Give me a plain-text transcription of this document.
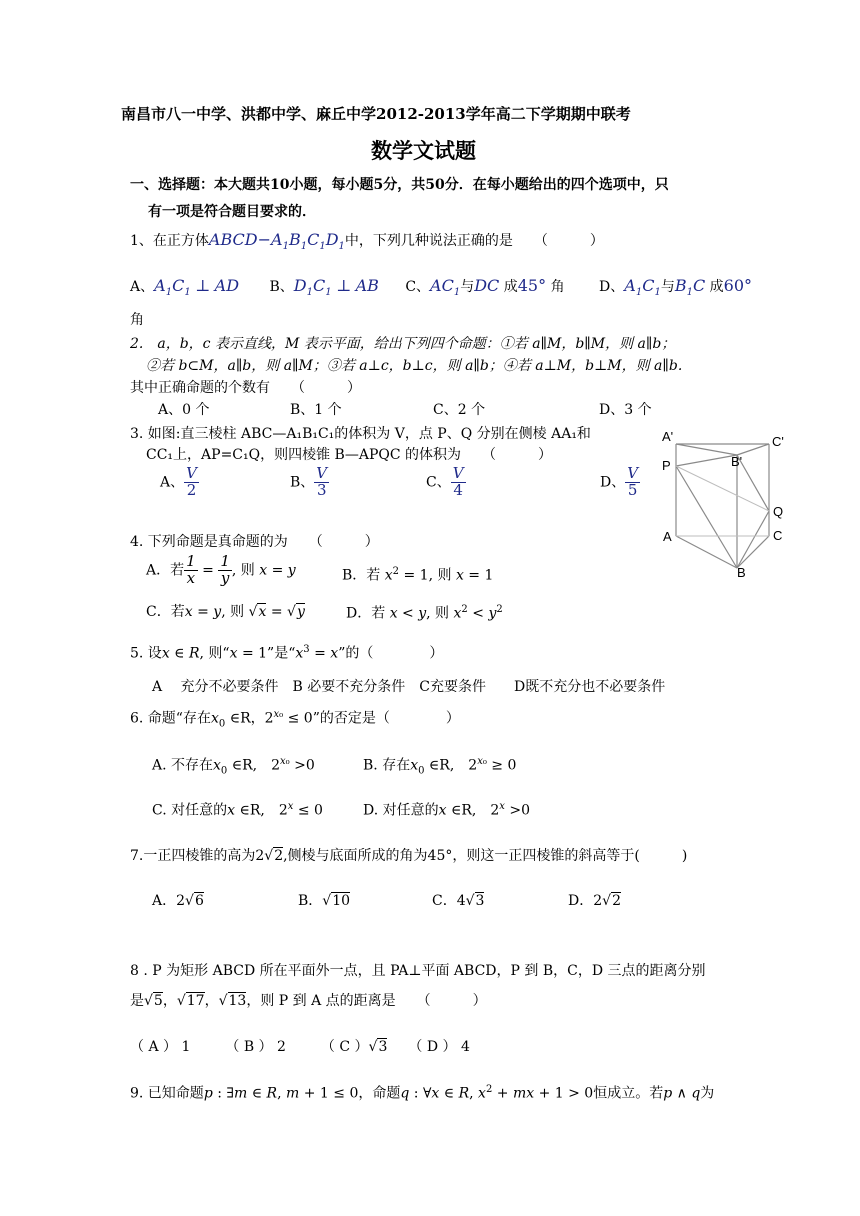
南昌市八一中学、洪都中学、麻丘中学2012-2013学年高二下学期期中联考
数学文试题
一、选择题：本大题共10小题，每小题5分，共50分．在每小题给出的四个选项中，只
有一项是符合题目要求的．
1、在正方体$ABCD-A_1B_1C_1D_1$中，下列几种说法正确的是　　（　　　）
A、$A_1C_1$ ⊥ AD B、$D_1C_1$ ⊥ AB C、$AC_1$与DC 成45° 角 D、$A_1C_1$与$B_1C$ 成60°
角
2.　a，b，c 表示直线，M 表示平面，给出下列四个命题：①若 a∥M，b∥M，则 a∥b；
②若 b⊂M，a∥b，则 a∥M；③若 a⊥c，b⊥c，则 a∥b；④若 a⊥M，b⊥M，则 a∥b.
其中正确命题的个数有　　（　　　）
A、0 个	B、1 个	C、2 个	D、3 个
3. 如图:直三棱柱 ABC—A₁B₁C₁的体积为 V，点 P、Q 分别在侧棱 AA₁和
CC₁上，AP=C₁Q，则四棱锥 B—APQC 的体积为　　（　　　）
A、 $\frac{V}{2}$	B、 $\frac{V}{3}$	C、 $\frac{V}{4}$	D、 $\frac{V}{5}$
A'	C'
B'
P
Q
A	C
B
4. 下列命题是真命题的为　　（　　　）
A．若 $\frac{1}{x} = \frac{1}{y}$ , 则 x = y	B．若 $x^2 = 1$, 则 x = 1
C．若x = y, 则 √x = √y	D．若 x < y, 则 $x^2 < y^2$
5. 设x ∈ R, 则“x = 1”是“$x^3 = x$”的（　　　　）
A　 充分不必要条件　B 必要不充分条件　C充要条件　　D既不充分也不必要条件
6. 命题“存在$x_0$ ∈R，$2^{x_0} \le 0$”的否定是（　　　　）
A. 不存在$x_0$ ∈R,　$2^{x_0} >0$	B. 存在$x_0$ ∈R,　$2^{x_0} \ge 0$
C. 对任意的x ∈R,　$2^x \le 0$	D. 对任意的x ∈R,　$2^x >0$
7.一正四棱锥的高为2√2,侧棱与底面所成的角为45°，则这一正四棱锥的斜高等于(　　　)
A．2√6	B．√10	C．4√3	D．2√2
8 . P 为矩形 ABCD 所在平面外一点，且 PA⊥平面 ABCD，P 到 B，C，D 三点的距离分别
是√5，√17，√13，则 P 到 A 点的距离是　　（　　　）
（ A ） 1　　　（ B ） 2　　　（ C ）√3　　 （ D ） 4
9. 已知命题p : ∃m ∈ R, m + 1 ≤ 0，命题q : ∀x ∈ R, $x^2$ + mx + 1 > 0恒成立。若p ∧ q为
